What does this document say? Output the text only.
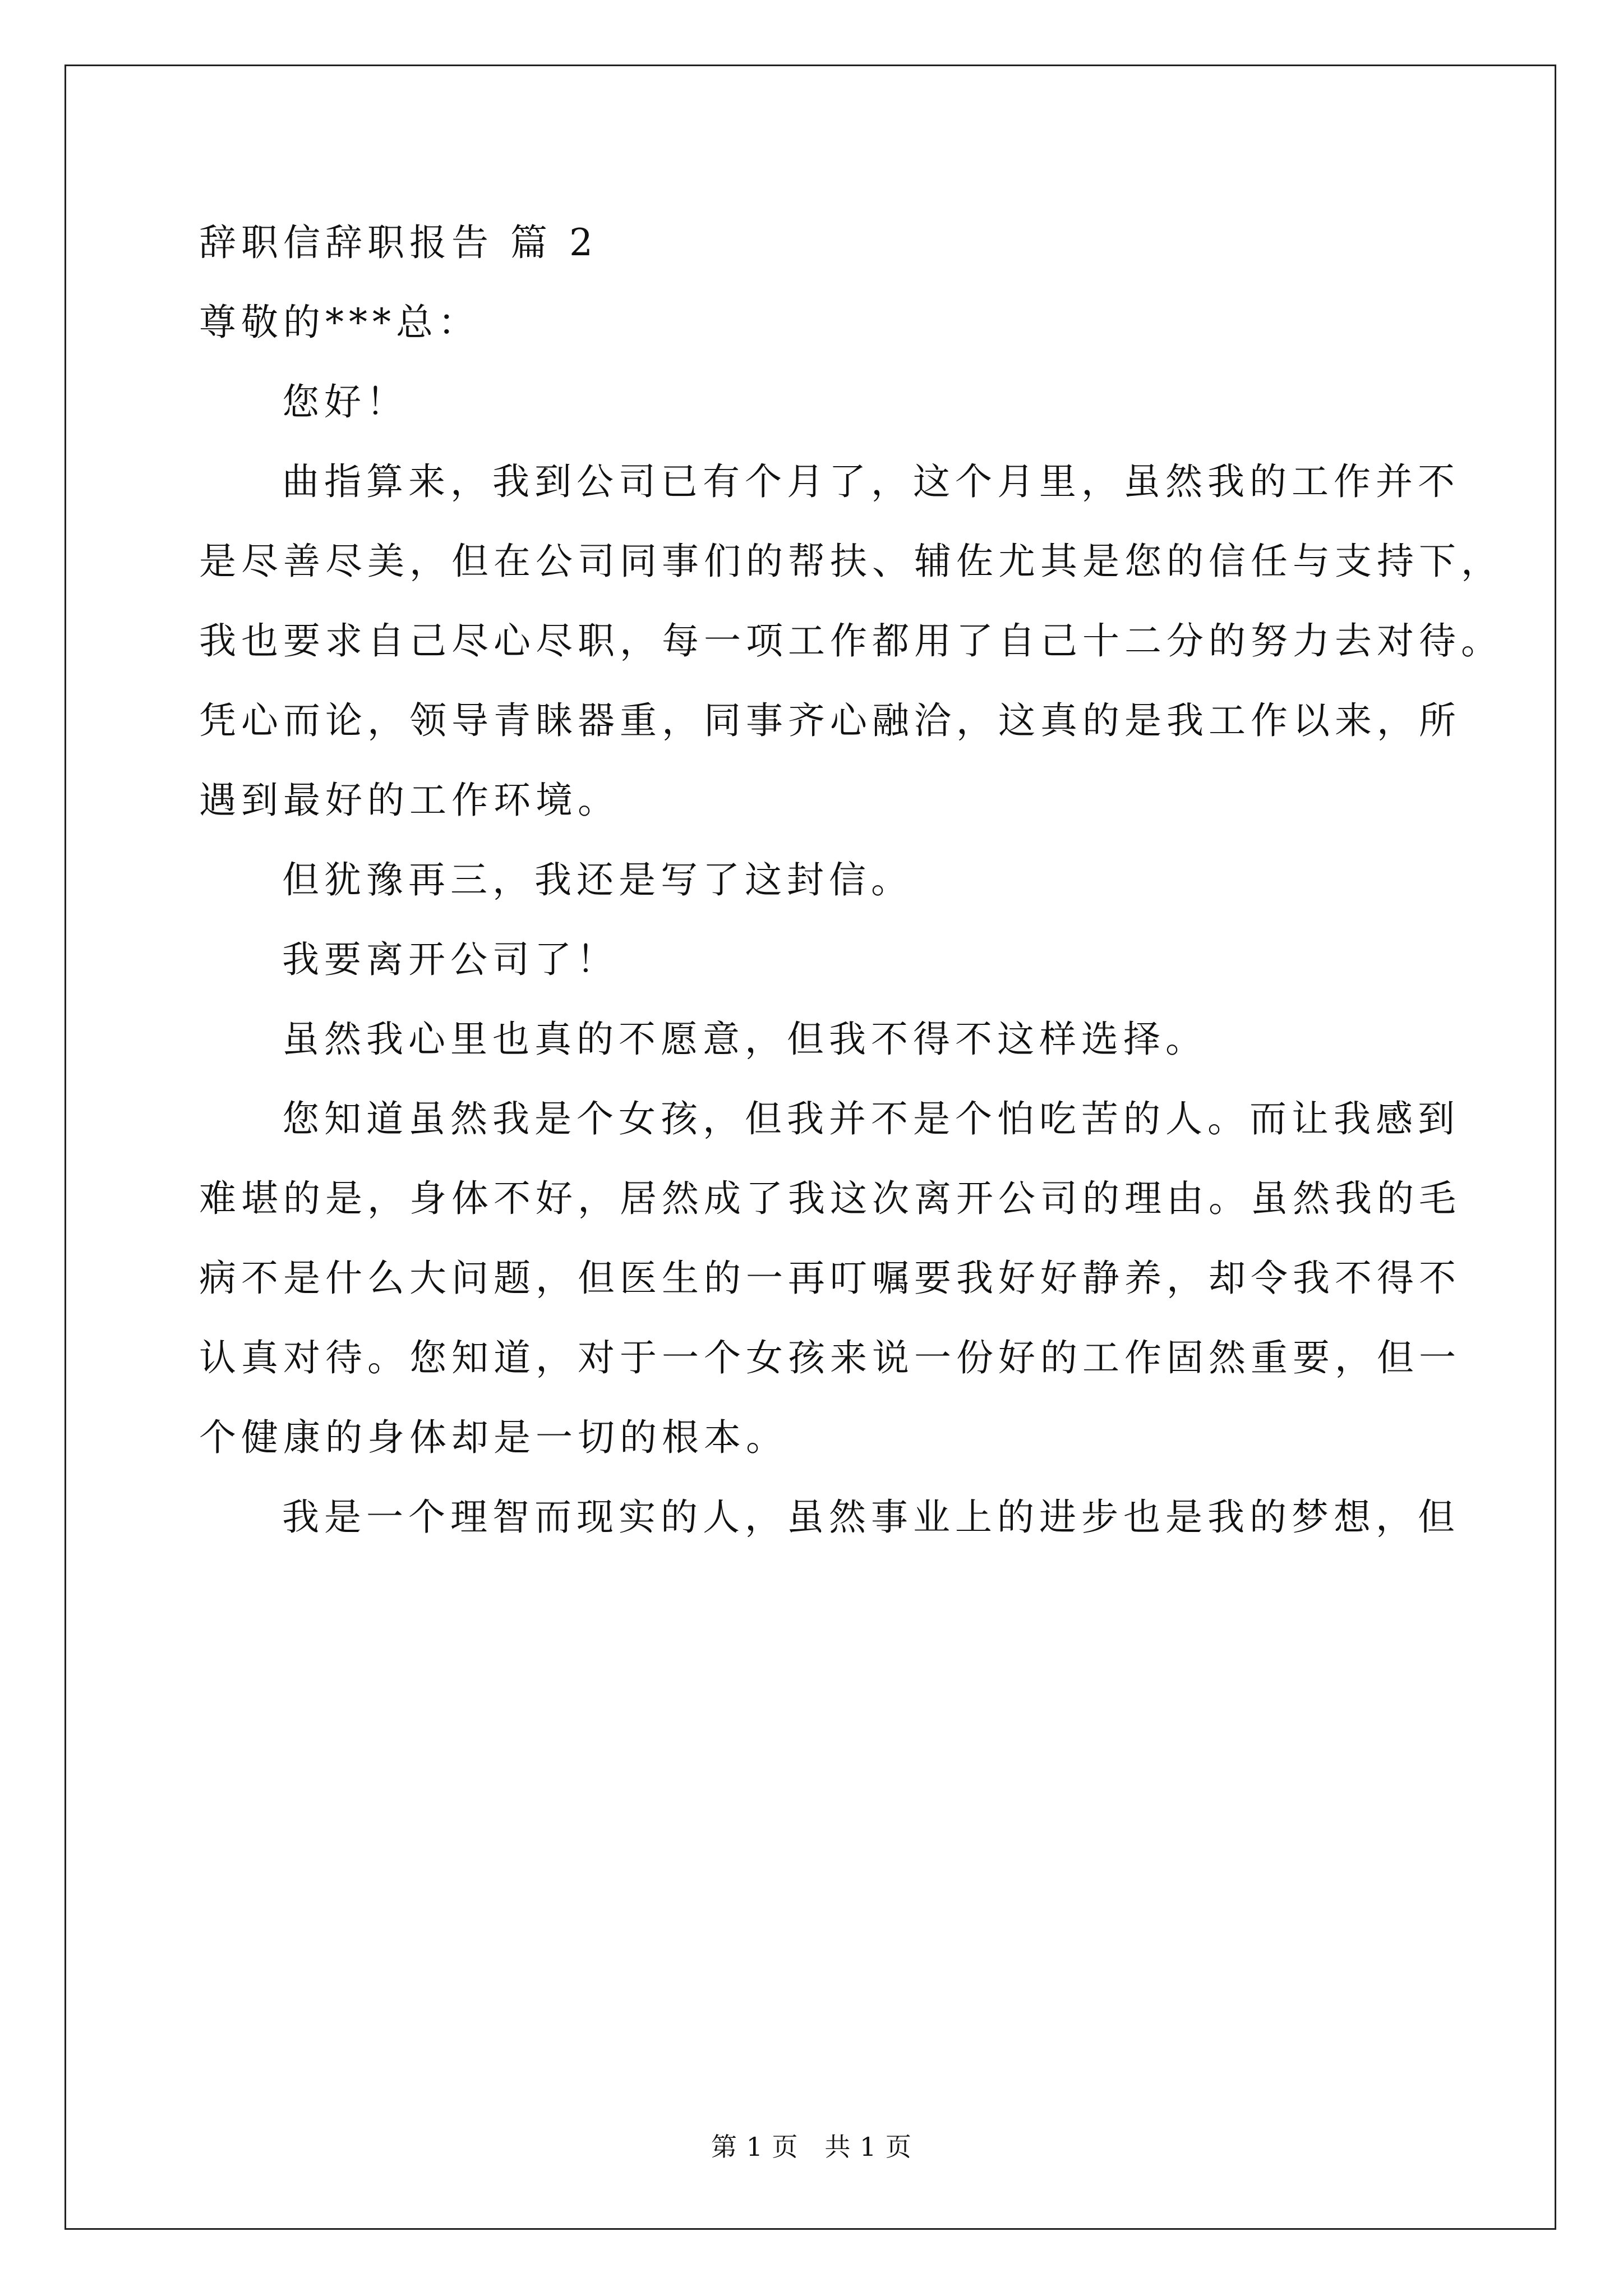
辞职信辞职报告 篇 2
尊敬的***总：
您好！
曲指算来，我到公司已有个月了，这个月里，虽然我的工作并不
是尽善尽美，但在公司同事们的帮扶、辅佐尤其是您的信任与支持下，
我也要求自己尽心尽职，每一项工作都用了自己十二分的努力去对待。
凭心而论，领导青睐器重，同事齐心融洽，这真的是我工作以来，所
遇到最好的工作环境。
但犹豫再三，我还是写了这封信。
我要离开公司了！
虽然我心里也真的不愿意，但我不得不这样选择。
您知道虽然我是个女孩，但我并不是个怕吃苦的人。而让我感到
难堪的是，身体不好，居然成了我这次离开公司的理由。虽然我的毛
病不是什么大问题，但医生的一再叮嘱要我好好静养，却令我不得不
认真对待。您知道，对于一个女孩来说一份好的工作固然重要，但一
个健康的身体却是一切的根本。
我是一个理智而现实的人，虽然事业上的进步也是我的梦想，但
第 1 页   共 1 页
